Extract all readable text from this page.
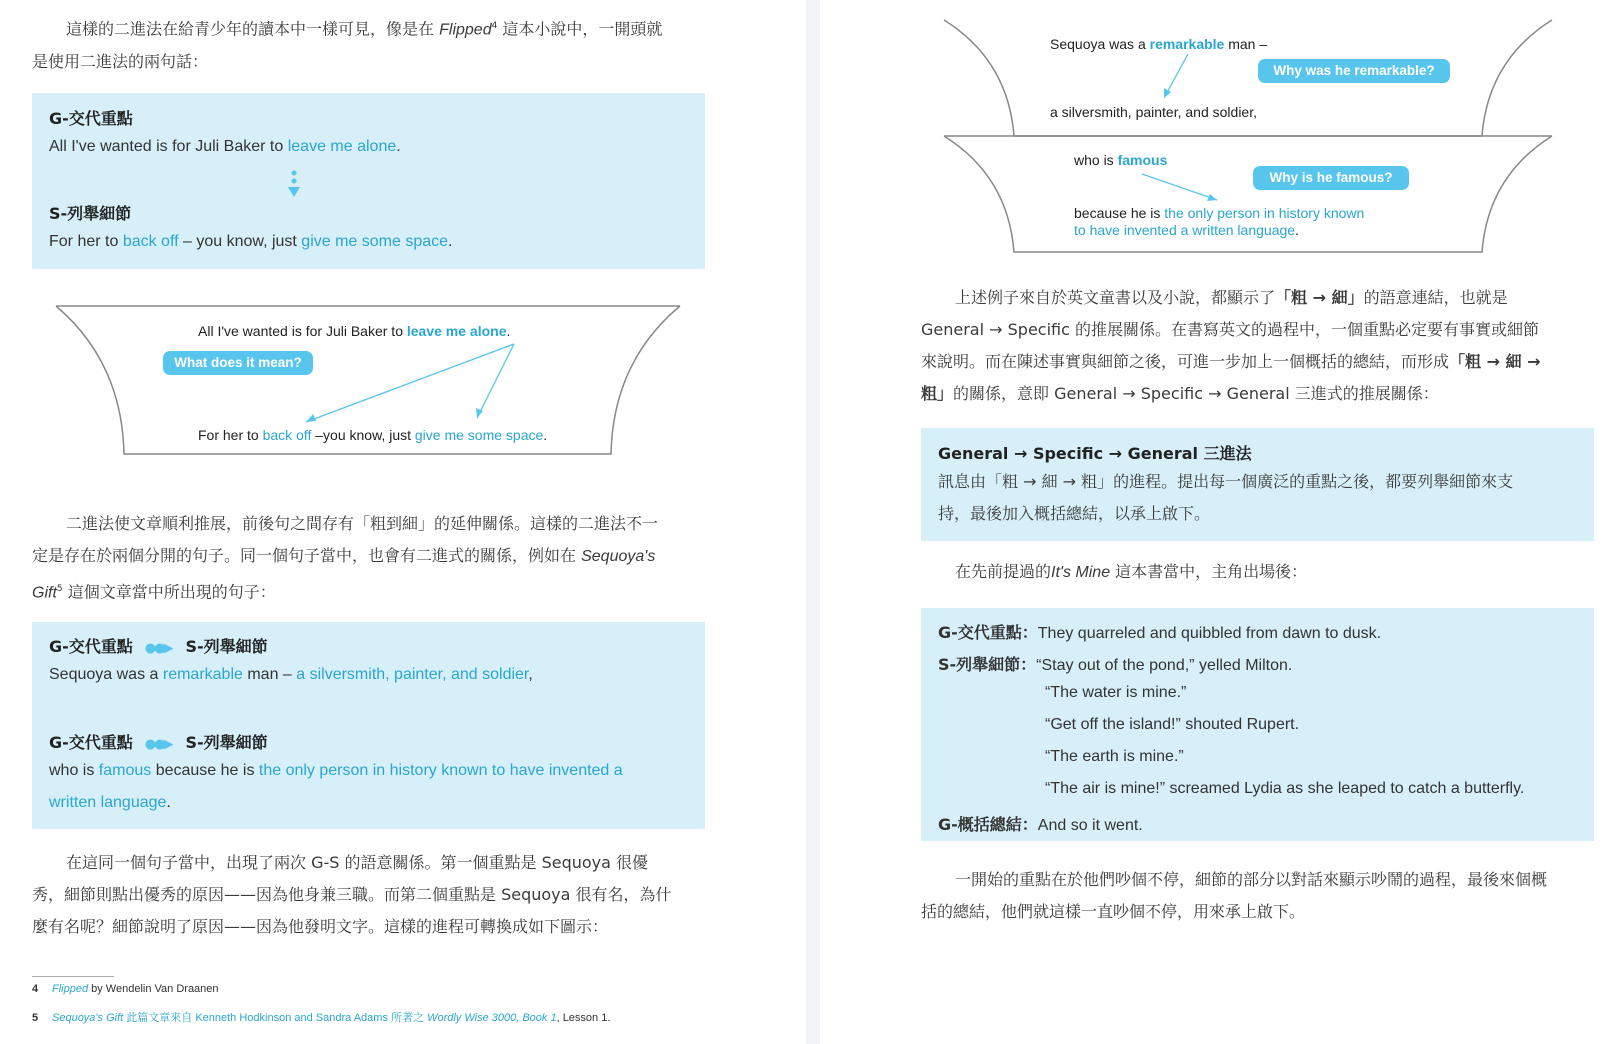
這樣的二進法在給青少年的讀本中一樣可見，像是在 Flipped$^4$ 這本小說中，一開頭就
是使用二進法的兩句話：
G-交代重點
All I've wanted is for Juli Baker to leave me alone.
S-列舉細節
For her to back off – you know, just give me some space.
All I've wanted is for Juli Baker to leave me alone.
What does it mean?
For her to back off –you know, just give me some space.
二進法使文章順利推展，前後句之間存有「粗到細」的延伸關係。這樣的二進法不一
定是存在於兩個分開的句子。同一個句子當中，也會有二進式的關係，例如在 Sequoya's
Gift$^5$ 這個文章當中所出現的句子：
G-交代重點 ●●▶ S-列舉細節
Sequoya was a remarkable man – a silversmith, painter, and soldier,
G-交代重點 ●●▶ S-列舉細節
who is famous because he is the only person in history known to have invented a
written language.
在這同一個句子當中，出現了兩次 G-S 的語意關係。第一個重點是 Sequoya 很優
秀，細節則點出優秀的原因——因為他身兼三職。而第二個重點是 Sequoya 很有名，為什
麼有名呢？細節說明了原因——因為他發明文字。這樣的進程可轉換成如下圖示：
4 Flipped by Wendelin Van Draanen
5 Sequoya's Gift 此篇文章來自 Kenneth Hodkinson and Sandra Adams 所著之 Wordly Wise 3000, Book 1, Lesson 1.
Sequoya was a remarkable man –
Why was he remarkable?
a silversmith, painter, and soldier,
who is famous
Why is he famous?
because he is the only person in history known
to have invented a written language.
上述例子來自於英文童書以及小說，都顯示了「粗 → 細」的語意連結，也就是
General → Specific 的推展關係。在書寫英文的過程中，一個重點必定要有事實或細節
來說明。而在陳述事實與細節之後，可進一步加上一個概括的總結，而形成「粗 → 細 →
粗」的關係，意即 General → Specific → General 三進式的推展關係：
General → Specific → General 三進法
訊息由「粗 → 細 → 粗」的進程。提出每一個廣泛的重點之後，都要列舉細節來支
持，最後加入概括總結，以承上啟下。
在先前提過的It's Mine 這本書當中，主角出場後：
G-交代重點：They quarreled and quibbled from dawn to dusk.
S-列舉細節：“Stay out of the pond,” yelled Milton.
“The water is mine.”
“Get off the island!” shouted Rupert.
“The earth is mine.”
“The air is mine!” screamed Lydia as she leaped to catch a butterfly.
G-概括總結：And so it went.
一開始的重點在於他們吵個不停，細節的部分以對話來顯示吵鬧的過程，最後來個概
括的總結，他們就這樣一直吵個不停，用來承上啟下。
